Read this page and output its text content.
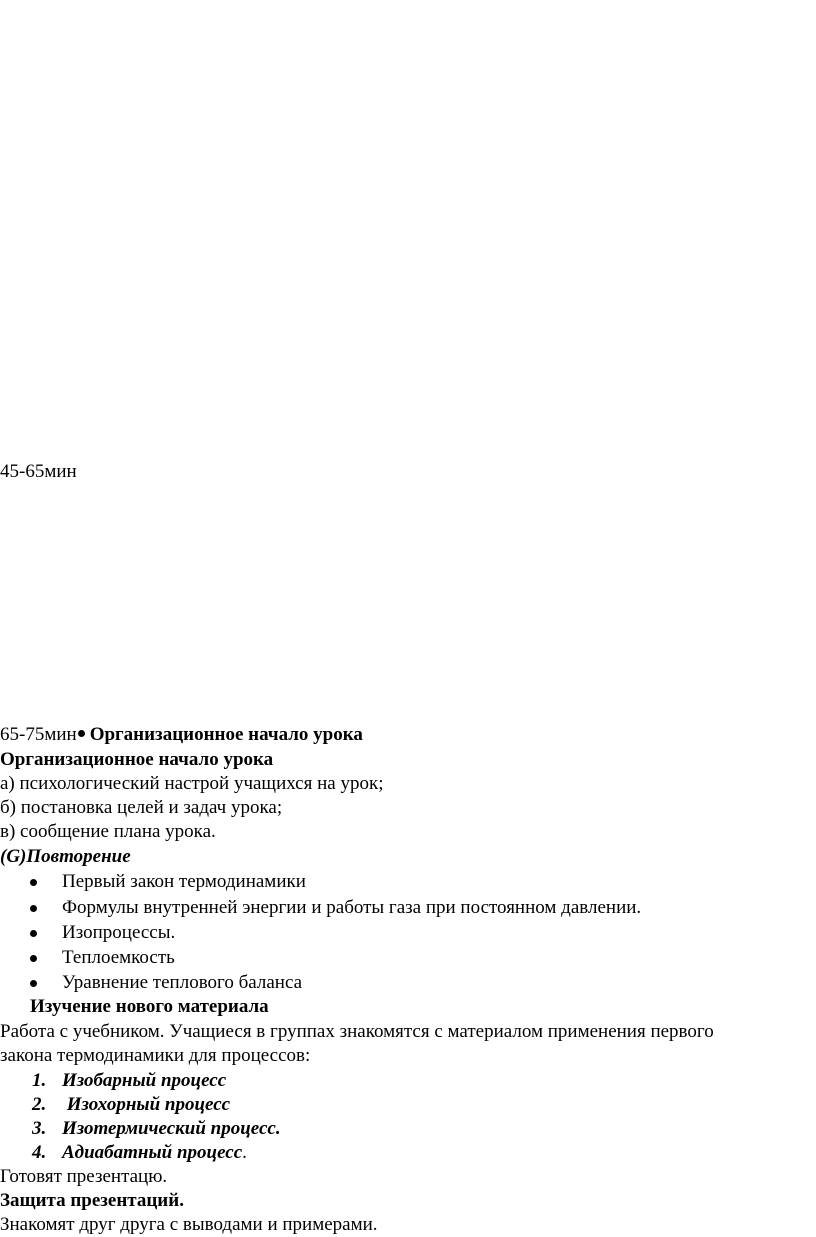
45-65мин
65-75мин Организационное начало урока
Организационное начало урока
а) психологический настрой учащихся на урок;
б) постановка целей и задач урока;
в) сообщение плана урока.
(G)Повторение
Первый закон термодинамики
Формулы внутренней энергии и работы газа при постоянном давлении.
Изопроцессы.
Теплоемкость
Уравнение теплового баланса
Изучение нового материала
Работа с учебником. Учащиеся в группах знакомятся с материалом применения первого
закона термодинамики для процессов:
1. Изобарный процесс
2. Изохорный процесс
3. Изотермический процесс.
4. Адиабатный процесс.
Готовят презентацю.
Защита презентаций.
Знакомят друг друга с выводами и примерами.
